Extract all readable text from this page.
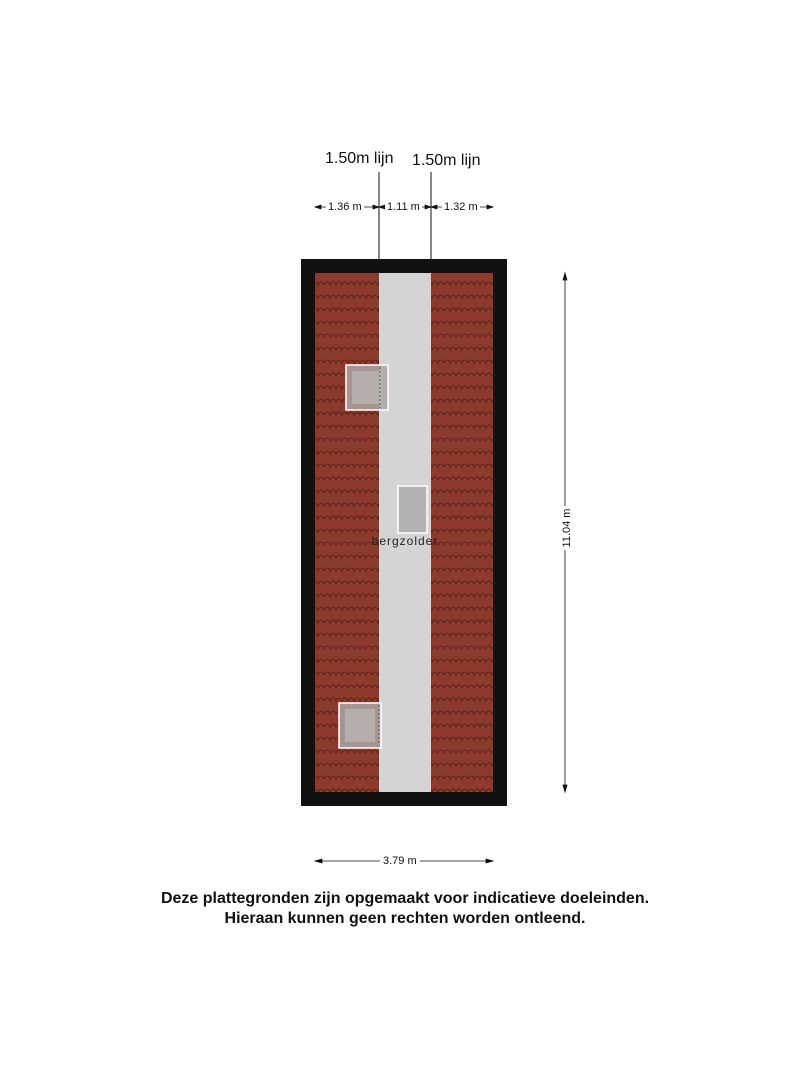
1.50m lijn 1.50m lijn
1.36 m 1.11 m 1.32 m
bergzolder	11.04 m
3.79 m
Deze plattegronden zijn opgemaakt voor indicatieve doeleinden.
Hieraan kunnen geen rechten worden ontleend.
